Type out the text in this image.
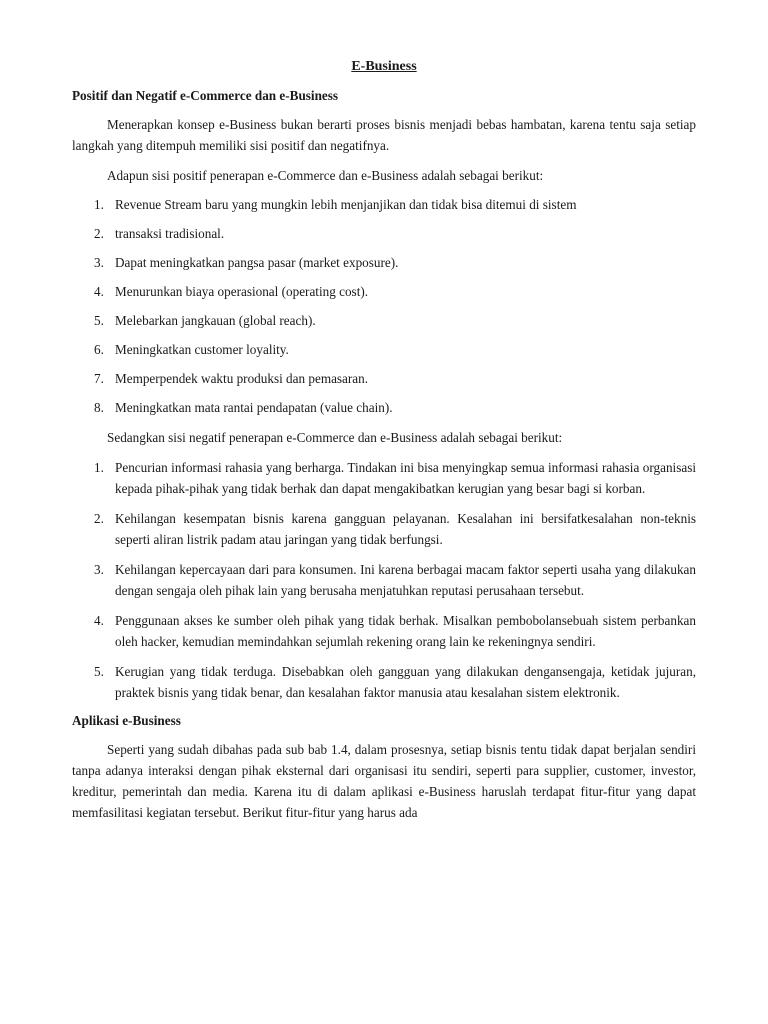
E-Business
Positif dan Negatif e-Commerce dan e-Business

Menerapkan konsep e-Business bukan berarti proses bisnis menjadi bebas hambatan, karena tentu saja setiap langkah yang ditempuh memiliki sisi positif dan negatifnya.

Adapun sisi positif penerapan e-Commerce dan e-Business adalah sebagai berikut:

1. Revenue Stream baru yang mungkin lebih menjanjikan dan tidak bisa ditemui di sistem
2. transaksi tradisional.
3. Dapat meningkatkan pangsa pasar (market exposure).
4. Menurunkan biaya operasional (operating cost).
5. Melebarkan jangkauan (global reach).
6. Meningkatkan customer loyality.
7. Memperpendek waktu produksi dan pemasaran.
8. Meningkatkan mata rantai pendapatan (value chain).

Sedangkan sisi negatif penerapan e-Commerce dan e-Business adalah sebagai berikut:

1. Pencurian informasi rahasia yang berharga. Tindakan ini bisa menyingkap semua informasi rahasia organisasi kepada pihak-pihak yang tidak berhak dan dapat mengakibatkan kerugian yang besar bagi si korban.
2. Kehilangan kesempatan bisnis karena gangguan pelayanan. Kesalahan ini bersifatkesalahan non-teknis seperti aliran listrik padam atau jaringan yang tidak berfungsi.
3. Kehilangan kepercayaan dari para konsumen. Ini karena berbagai macam faktor seperti usaha yang dilakukan dengan sengaja oleh pihak lain yang berusaha menjatuhkan reputasi perusahaan tersebut.
4. Penggunaan akses ke sumber oleh pihak yang tidak berhak. Misalkan pembobolansebuah sistem perbankan oleh hacker, kemudian memindahkan sejumlah rekening orang lain ke rekeningnya sendiri.
5. Kerugian yang tidak terduga. Disebabkan oleh gangguan yang dilakukan dengansengaja, ketidak jujuran, praktek bisnis yang tidak benar, dan kesalahan faktor manusia atau kesalahan sistem elektronik.
Aplikasi e-Business

Seperti yang sudah dibahas pada sub bab 1.4, dalam prosesnya, setiap bisnis tentu tidak dapat berjalan sendiri tanpa adanya interaksi dengan pihak eksternal dari organisasi itu sendiri, seperti para supplier, customer, investor, kreditur, pemerintah dan media. Karena itu di dalam aplikasi e-Business haruslah terdapat fitur-fitur yang dapat memfasilitasi kegiatan tersebut. Berikut fitur-fitur yang harus ada
